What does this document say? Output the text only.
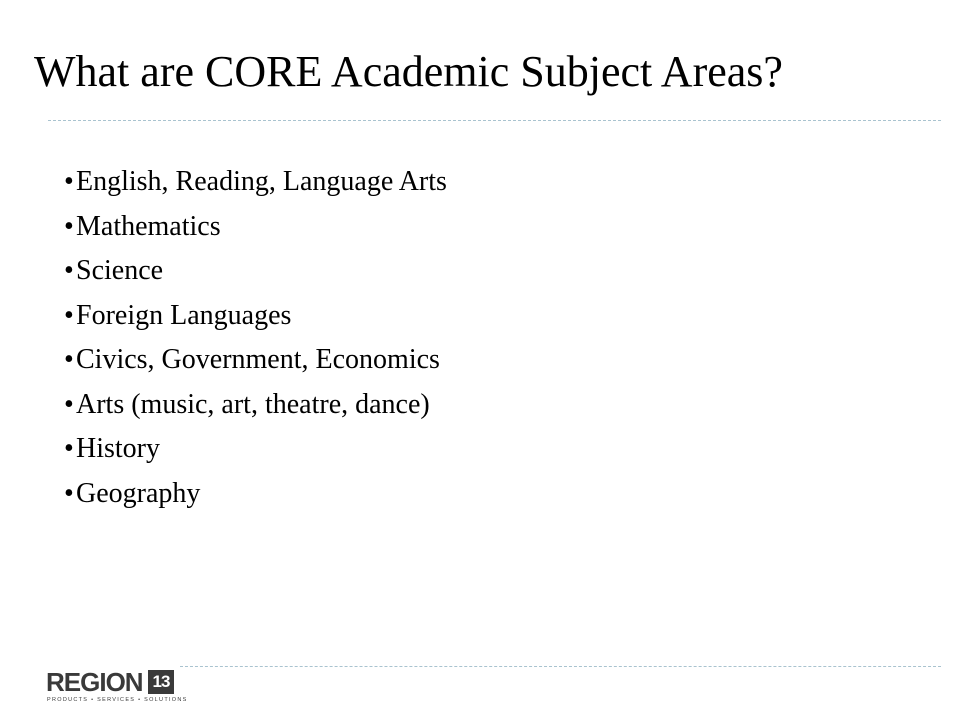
What are CORE Academic Subject Areas?
•English, Reading, Language Arts
•Mathematics
•Science
•Foreign Languages
•Civics, Government, Economics
•Arts (music, art, theatre, dance)
•History
•Geography
REGION 13
PRODUCTS • SERVICES • SOLUTIONS
